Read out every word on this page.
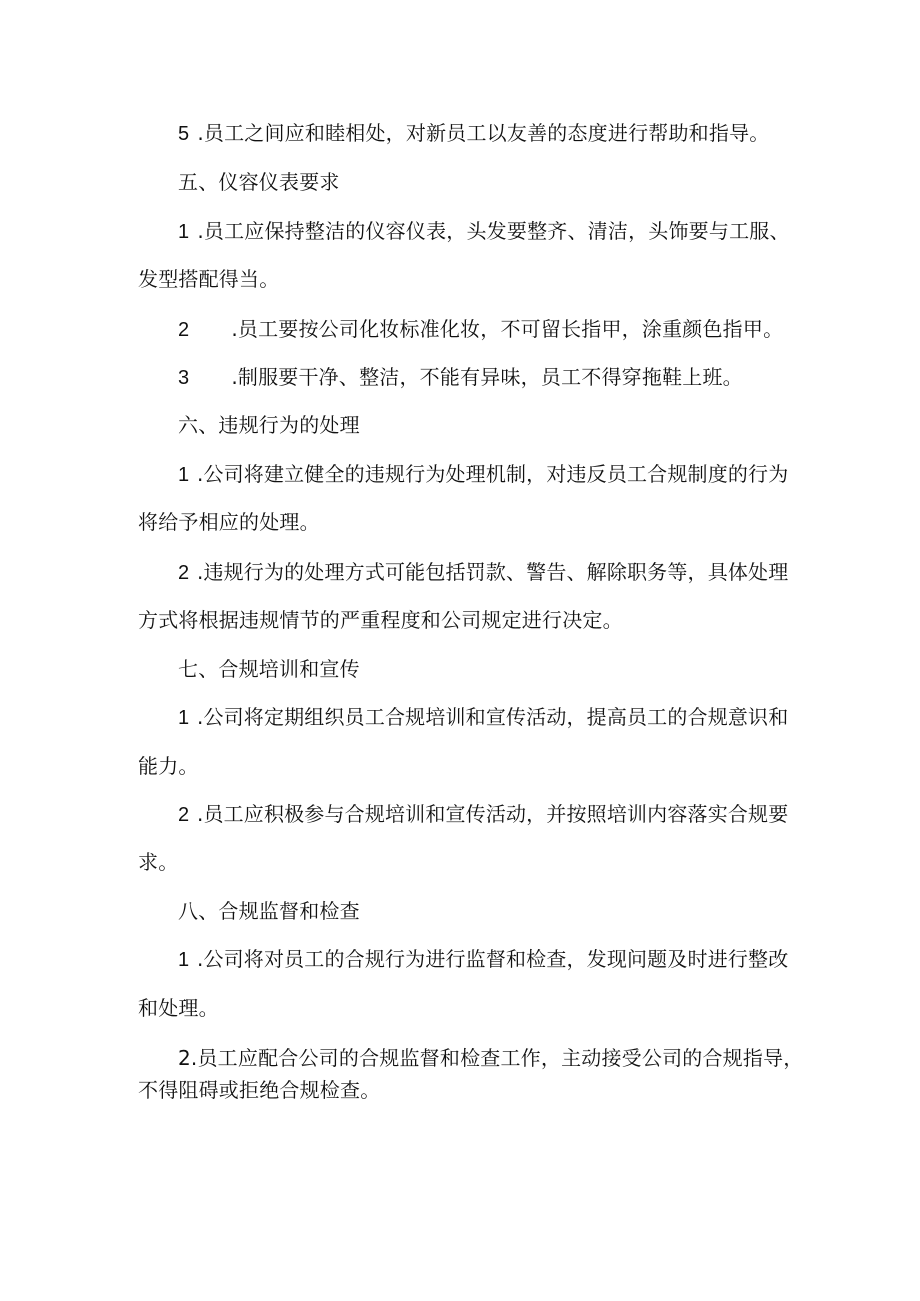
5 .员工之间应和睦相处，对新员工以友善的态度进行帮助和指导。
五、仪容仪表要求
1 .员工应保持整洁的仪容仪表，头发要整齐、清洁，头饰要与工服、
发型搭配得当。
2 .员工要按公司化妆标准化妆，不可留长指甲，涂重颜色指甲。
3 .制服要干净、整洁，不能有异味，员工不得穿拖鞋上班。
六、违规行为的处理
1 .公司将建立健全的违规行为处理机制，对违反员工合规制度的行为
将给予相应的处理。
2 .违规行为的处理方式可能包括罚款、警告、解除职务等，具体处理
方式将根据违规情节的严重程度和公司规定进行决定。
七、合规培训和宣传
1 .公司将定期组织员工合规培训和宣传活动，提高员工的合规意识和
能力。
2 .员工应积极参与合规培训和宣传活动，并按照培训内容落实合规要
求。
八、合规监督和检查
1 .公司将对员工的合规行为进行监督和检查，发现问题及时进行整改
和处理。
2.员工应配合公司的合规监督和检查工作，主动接受公司的合规指导，
不得阻碍或拒绝合规检查。
